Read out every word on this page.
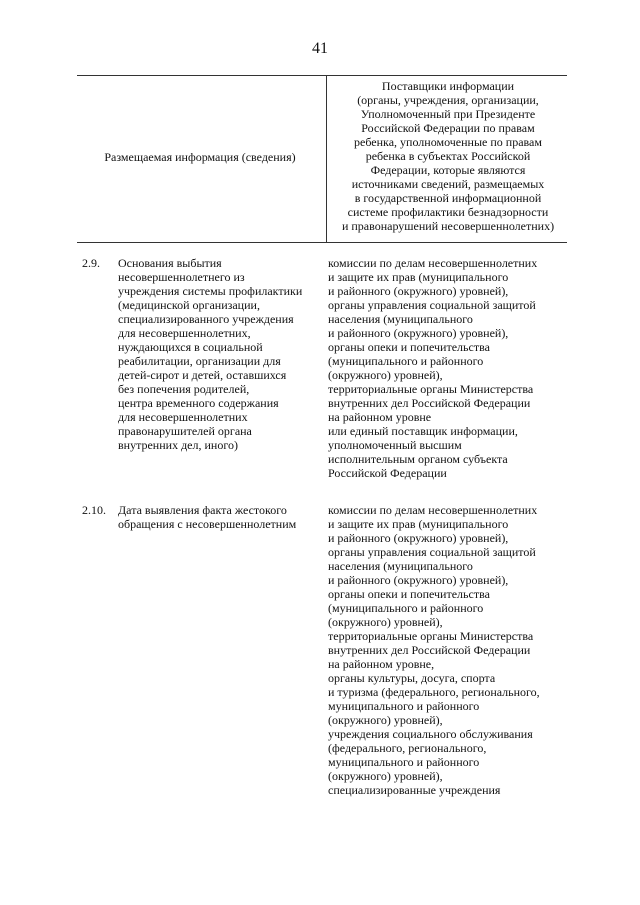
41
Размещаемая информация (сведения)
Поставщики информации
(органы, учреждения, организации,
Уполномоченный при Президенте
Российской Федерации по правам
ребенка, уполномоченные по правам
ребенка в субъектах Российской
Федерации, которые являются
источниками сведений, размещаемых
в государственной информационной
системе профилактики безнадзорности
и правонарушений несовершеннолетних)
2.9. Основания выбытия
несовершеннолетнего из
учреждения системы профилактики
(медицинской организации,
специализированного учреждения
для несовершеннолетних,
нуждающихся в социальной
реабилитации, организации для
детей-сирот и детей, оставшихся
без попечения родителей,
центра временного содержания
для несовершеннолетних
правонарушителей органа
внутренних дел, иного)
комиссии по делам несовершеннолетних
и защите их прав (муниципального
и районного (окружного) уровней),
органы управления социальной защитой
населения (муниципального
и районного (окружного) уровней),
органы опеки и попечительства
(муниципального и районного
(окружного) уровней),
территориальные органы Министерства
внутренних дел Российской Федерации
на районном уровне
или единый поставщик информации,
уполномоченный высшим
исполнительным органом субъекта
Российской Федерации
2.10. Дата выявления факта жестокого
обращения с несовершеннолетним
комиссии по делам несовершеннолетних
и защите их прав (муниципального
и районного (окружного) уровней),
органы управления социальной защитой
населения (муниципального
и районного (окружного) уровней),
органы опеки и попечительства
(муниципального и районного
(окружного) уровней),
территориальные органы Министерства
внутренних дел Российской Федерации
на районном уровне,
органы культуры, досуга, спорта
и туризма (федерального, регионального,
муниципального и районного
(окружного) уровней),
учреждения социального обслуживания
(федерального, регионального,
муниципального и районного
(окружного) уровней),
специализированные учреждения
